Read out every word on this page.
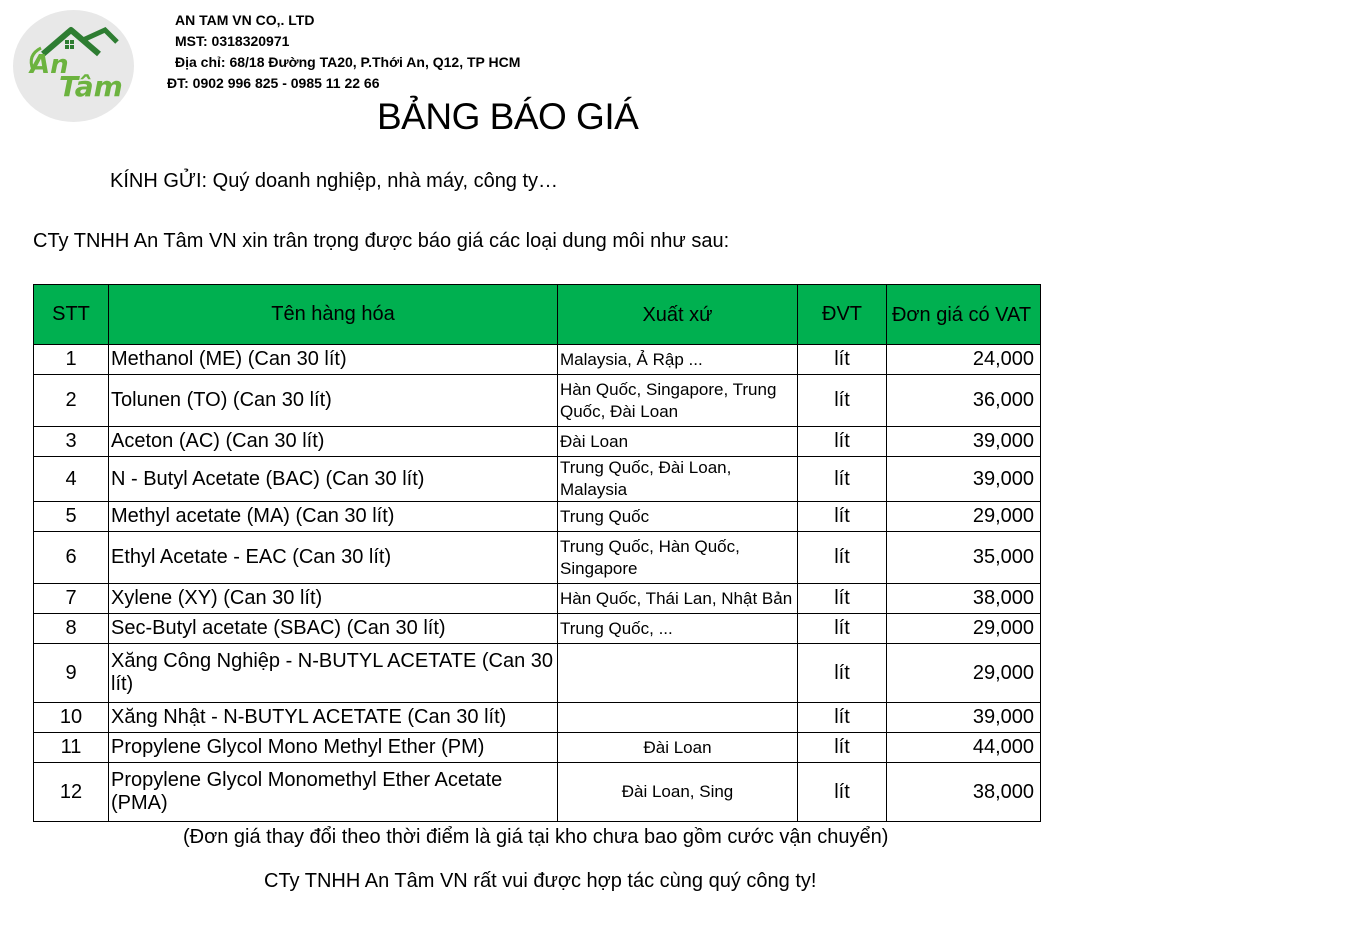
An
Tâm
AN TAM VN CO,. LTD
MST: 0318320971
Địa chỉ: 68/18 Đường TA20, P.Thới An, Q12, TP HCM
ĐT: 0902 996 825 - 0985 11 22 66
BẢNG BÁO GIÁ
KÍNH GỬI: Quý doanh nghiệp, nhà máy, công ty…
CTy TNHH An Tâm VN xin trân trọng được báo giá các loại dung môi như sau:
STT	Tên hàng hóa	Xuất xứ	ĐVT	Đơn giá có VAT
1	Methanol (ME) (Can 30 lít)	Malaysia, Ả Rập ...	lít	24,000
2	Tolunen (TO) (Can 30 lít)	Hàn Quốc, Singapore, Trung Quốc, Đài Loan	lít	36,000
3	Aceton (AC) (Can 30 lít)	Đài Loan	lít	39,000
4	N - Butyl Acetate (BAC) (Can 30 lít)	Trung Quốc, Đài Loan, Malaysia	lít	39,000
5	Methyl acetate (MA) (Can 30 lít)	Trung Quốc	lít	29,000
6	Ethyl Acetate - EAC (Can 30 lít)	Trung Quốc, Hàn Quốc, Singapore	lít	35,000
7	Xylene (XY) (Can 30 lít)	Hàn Quốc, Thái Lan, Nhật Bản	lít	38,000
8	Sec-Butyl acetate (SBAC) (Can 30 lít)	Trung Quốc, ...	lít	29,000
9	Xăng Công Nghiệp - N-BUTYL ACETATE (Can 30 lít)		lít	29,000
10	Xăng Nhật - N-BUTYL ACETATE (Can 30 lít)		lít	39,000
11	Propylene Glycol Mono Methyl Ether (PM)	Đài Loan	lít	44,000
12	Propylene Glycol Monomethyl Ether Acetate (PMA)	Đài Loan, Sing	lít	38,000
(Đơn giá thay đổi theo thời điểm là giá tại kho chưa bao gồm cước vận chuyển)
CTy TNHH An Tâm VN rất vui được hợp tác cùng quý công ty!
